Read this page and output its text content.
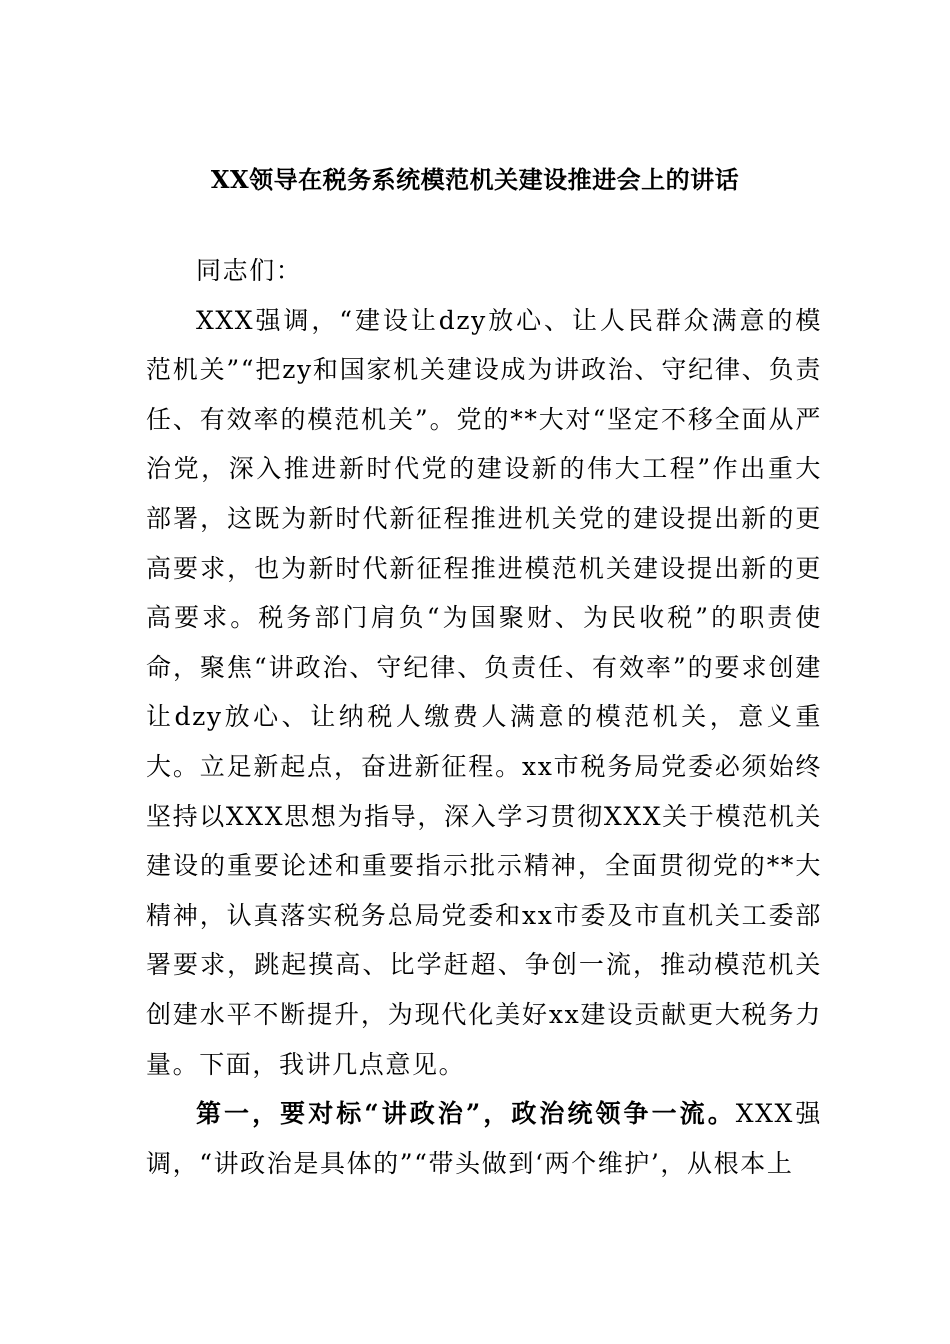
XX领导在税务系统模范机关建设推进会上的讲话

同志们：

XXX强调，“建设让dzy放心、让人民群众满意的模范机关”“把zy和国家机关建设成为讲政治、守纪律、负责任、有效率的模范机关”。党的**大对“坚定不移全面从严治党，深入推进新时代党的建设新的伟大工程”作出重大部署，这既为新时代新征程推进机关党的建设提出新的更高要求，也为新时代新征程推进模范机关建设提出新的更高要求。税务部门肩负“为国聚财、为民收税”的职责使命，聚焦“讲政治、守纪律、负责任、有效率”的要求创建让dzy放心、让纳税人缴费人满意的模范机关，意义重大。立足新起点，奋进新征程。xx市税务局党委必须始终坚持以XXX思想为指导，深入学习贯彻XXX关于模范机关建设的重要论述和重要指示批示精神，全面贯彻党的**大精神，认真落实税务总局党委和xx市委及市直机关工委部署要求，跳起摸高、比学赶超、争创一流，推动模范机关创建水平不断提升，为现代化美好xx建设贡献更大税务力量。下面，我讲几点意见。

第一，要对标“讲政治”，政治统领争一流。XXX强调，“讲政治是具体的”“带头做到‘两个维护’，从根本上
